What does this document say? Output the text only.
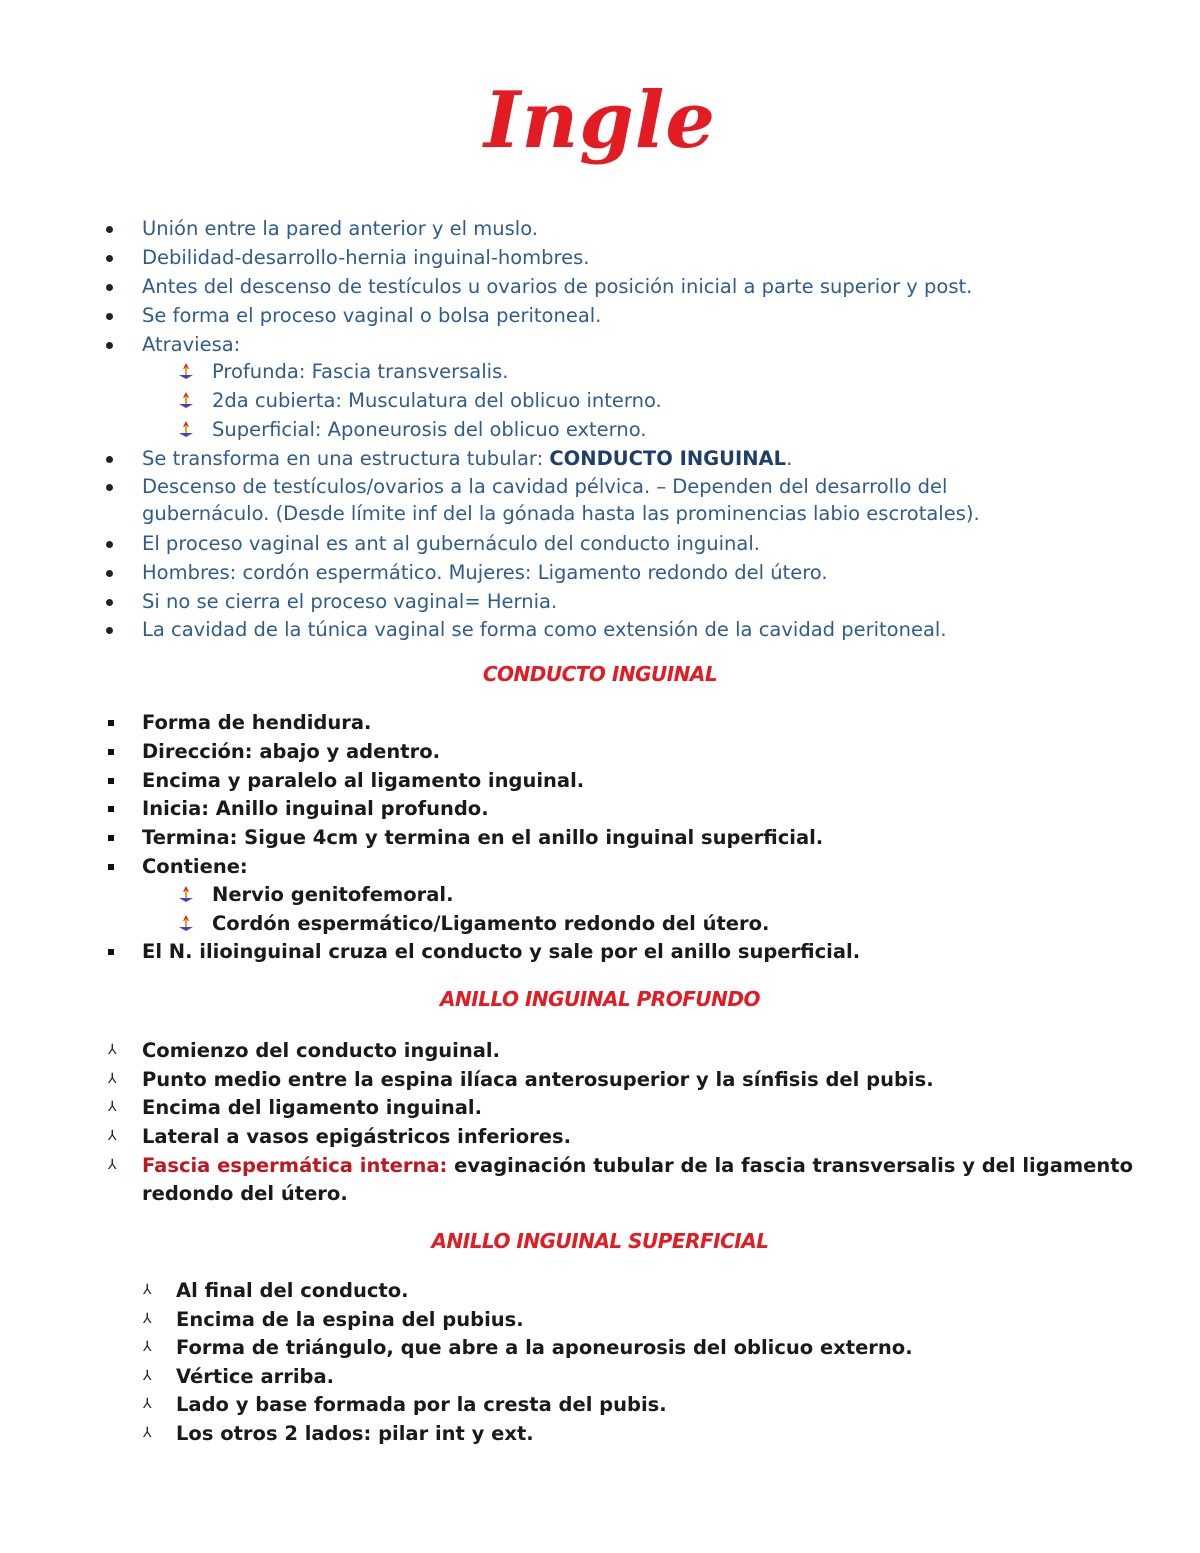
Ingle
Unión entre la pared anterior y el muslo.
Debilidad-desarrollo-hernia inguinal-hombres.
Antes del descenso de testículos u ovarios de posición inicial a parte superior y post.
Se forma el proceso vaginal o bolsa peritoneal.
Atraviesa:
Profunda: Fascia transversalis.
2da cubierta: Musculatura del oblicuo interno.
Superficial: Aponeurosis del oblicuo externo.
Se transforma en una estructura tubular: CONDUCTO INGUINAL.
Descenso de testículos/ovarios a la cavidad pélvica. – Dependen del desarrollo del
gubernáculo. (Desde límite inf del la gónada hasta las prominencias labio escrotales).
El proceso vaginal es ant al gubernáculo del conducto inguinal.
Hombres: cordón espermático. Mujeres: Ligamento redondo del útero.
Si no se cierra el proceso vaginal= Hernia.
La cavidad de la túnica vaginal se forma como extensión de la cavidad peritoneal.
CONDUCTO INGUINAL
Forma de hendidura.
Dirección: abajo y adentro.
Encima y paralelo al ligamento inguinal.
Inicia: Anillo inguinal profundo.
Termina: Sigue 4cm y termina en el anillo inguinal superficial.
Contiene:
Nervio genitofemoral.
Cordón espermático/Ligamento redondo del útero.
El N. ilioinguinal cruza el conducto y sale por el anillo superficial.
ANILLO INGUINAL PROFUNDO
⅄ Comienzo del conducto inguinal.
⅄ Punto medio entre la espina ilíaca anterosuperior y la sínfisis del pubis.
⅄ Encima del ligamento inguinal.
⅄ Lateral a vasos epigástricos inferiores.
⅄ Fascia espermática interna: evaginación tubular de la fascia transversalis y del ligamento
redondo del útero.
ANILLO INGUINAL SUPERFICIAL
⅄ Al final del conducto.
⅄ Encima de la espina del pubius.
⅄ Forma de triángulo, que abre a la aponeurosis del oblicuo externo.
⅄ Vértice arriba.
⅄ Lado y base formada por la cresta del pubis.
⅄ Los otros 2 lados: pilar int y ext.
